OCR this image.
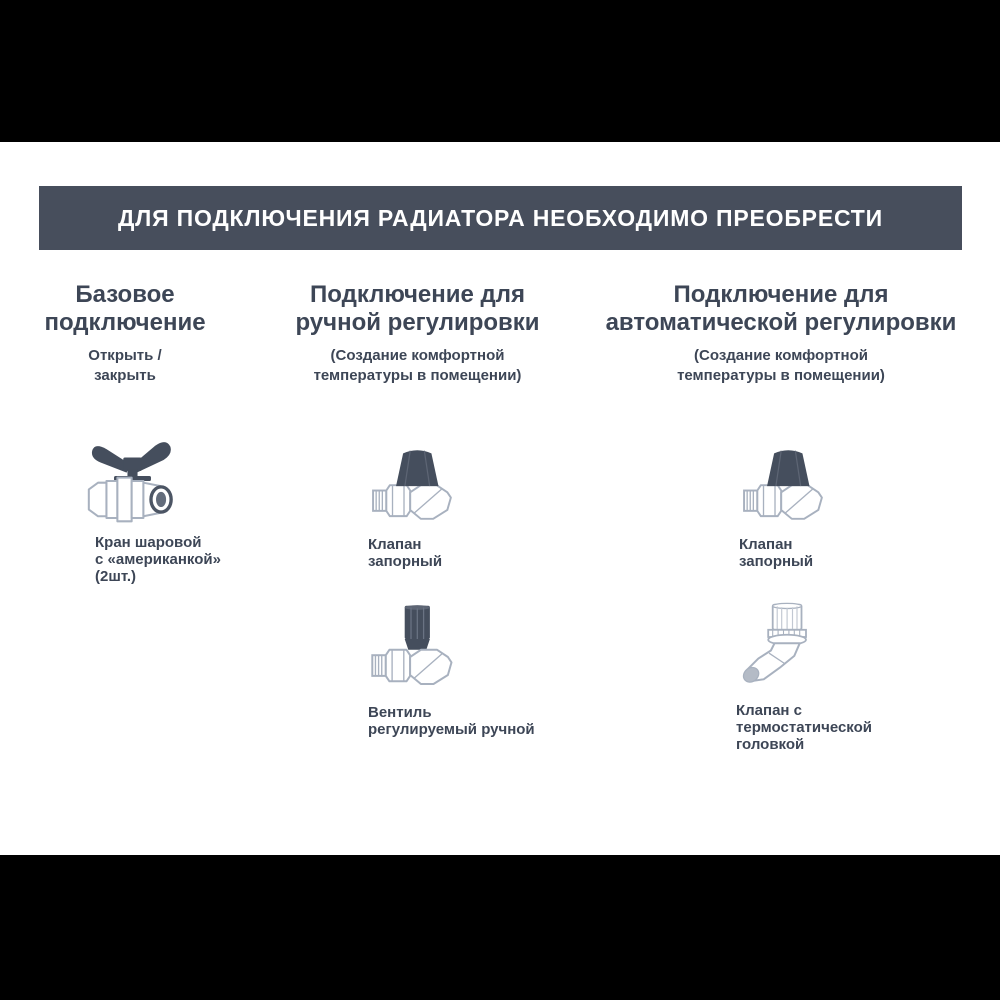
ДЛЯ ПОДКЛЮЧЕНИЯ РАДИАТОРА НЕОБХОДИМО ПРЕОБРЕСТИ
Базовое
подключение

Открыть /
закрыть

Подключение для
ручной регулировки

(Создание комфортной
температуры в помещении)

Подключение для
автоматической регулировки

(Создание комфортной
температуры в помещении)

Кран шаровой
с «американкой»
(2шт.)
Клапан
запорный
Вентиль
регулируемый ручной
Клапан
запорный
Клапан с
термостатической
головкой
